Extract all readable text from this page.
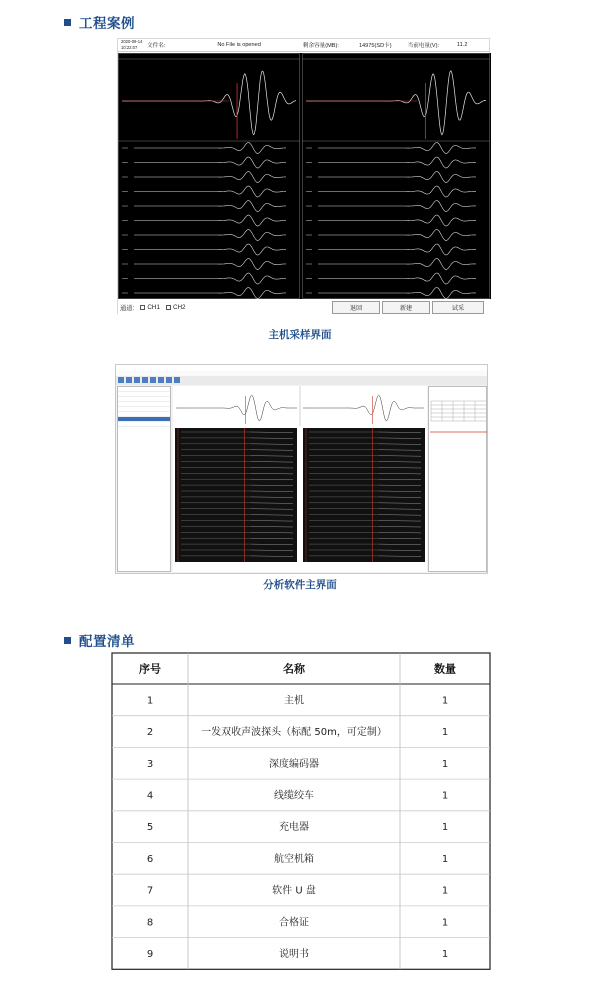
工程案例
2020-09-14 10:22:07	文件名:	No File is opened	剩余容量(MB):	14975(SD卡)	当前电量(V):	11.2
通道: CH1 CH2	退回	新建	试采
主机采样界面
分析软件主界面
配置清单
序号	名称	数量
1	主机	1
2	一发双收声波探头（标配 50m，可定制）	1
3	深度编码器	1
4	线缆绞车	1
5	充电器	1
6	航空机箱	1
7	软件 U 盘	1
8	合格证	1
9	说明书	1
